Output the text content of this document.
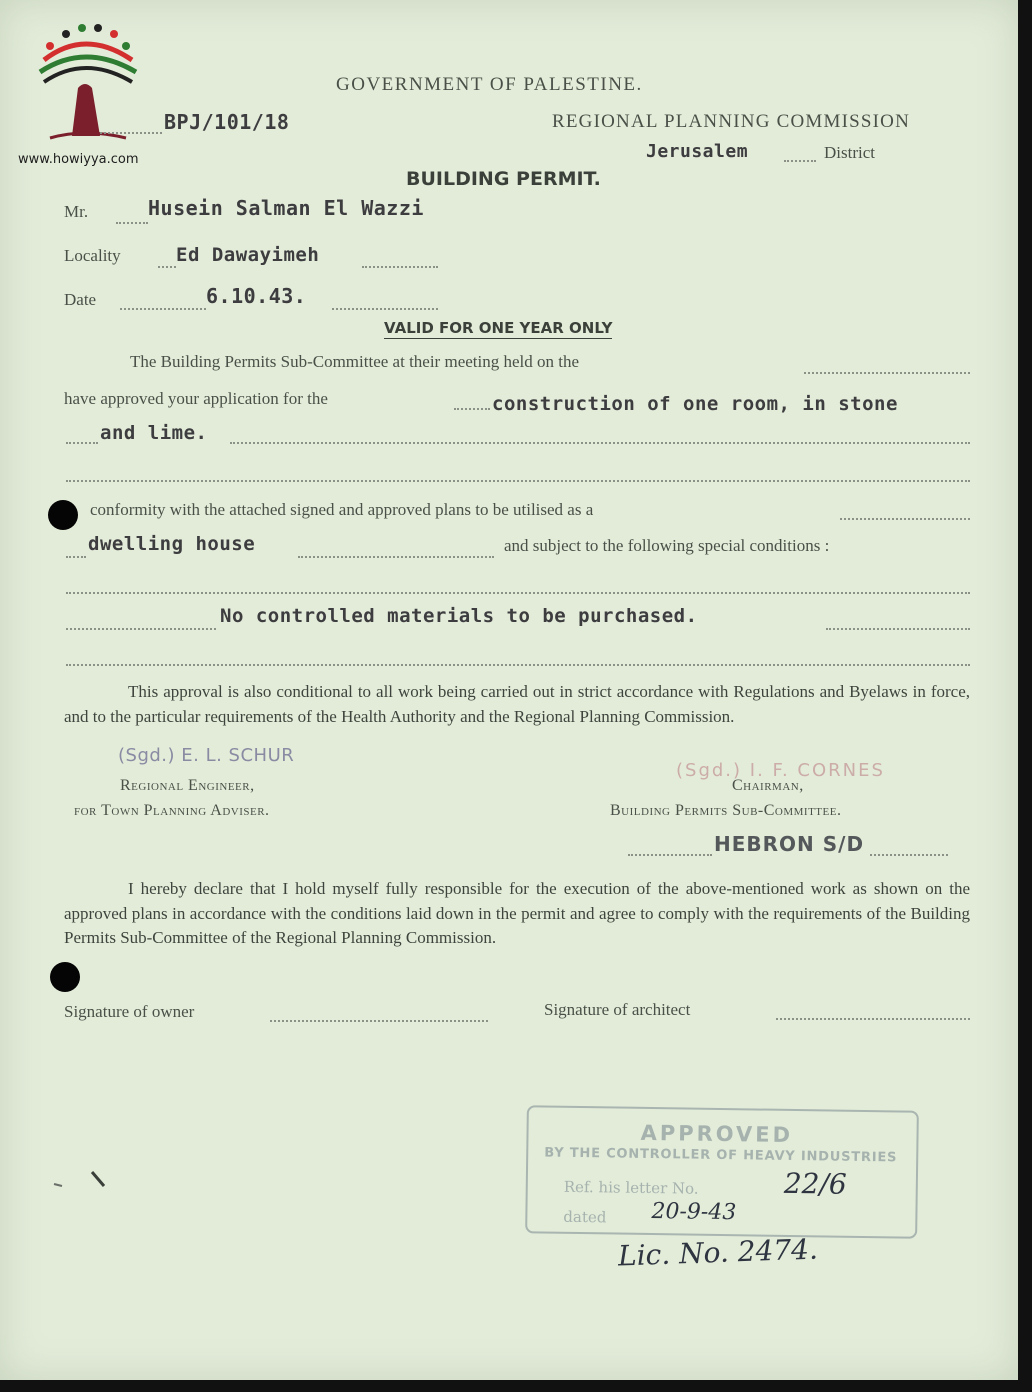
www.howiyya.com
GOVERNMENT OF PALESTINE.
BPJ/101/18	REGIONAL PLANNING COMMISSION
Jerusalem	District
BUILDING PERMIT.
Mr.	Husein Salman El Wazzi
Locality	Ed Dawayimeh
Date	6.10.43.
VALID FOR ONE YEAR ONLY
The Building Permits Sub-Committee at their meeting held on the
have approved your application for the	construction of one room, in stone
and lime.
conformity with the attached signed and approved plans to be utilised as a
dwelling house	and subject to the following special conditions :
No controlled materials to be purchased.
This approval is also conditional to all work being carried out in strict accordance with Regulations and Byelaws in force, and to the particular requirements of the Health Authority and the Regional Planning Commission.
(Sgd.) E. L. SCHUR
Regional Engineer,
for Town Planning Adviser.
(Sgd.) I. F. CORNES
Chairman,
Building Permits Sub-Committee.
HEBRON S/D
I hereby declare that I hold myself fully responsible for the execution of the above-mentioned work as shown on the approved plans in accordance with the conditions laid down in the permit and agree to comply with the requirements of the Building Permits Sub-Committee of the Regional Planning Commission.
Signature of owner	Signature of architect
APPROVED
BY THE CONTROLLER OF HEAVY INDUSTRIES
Ref. his letter No.	22/6
dated 20-9-43
Lic. No. 2474.
